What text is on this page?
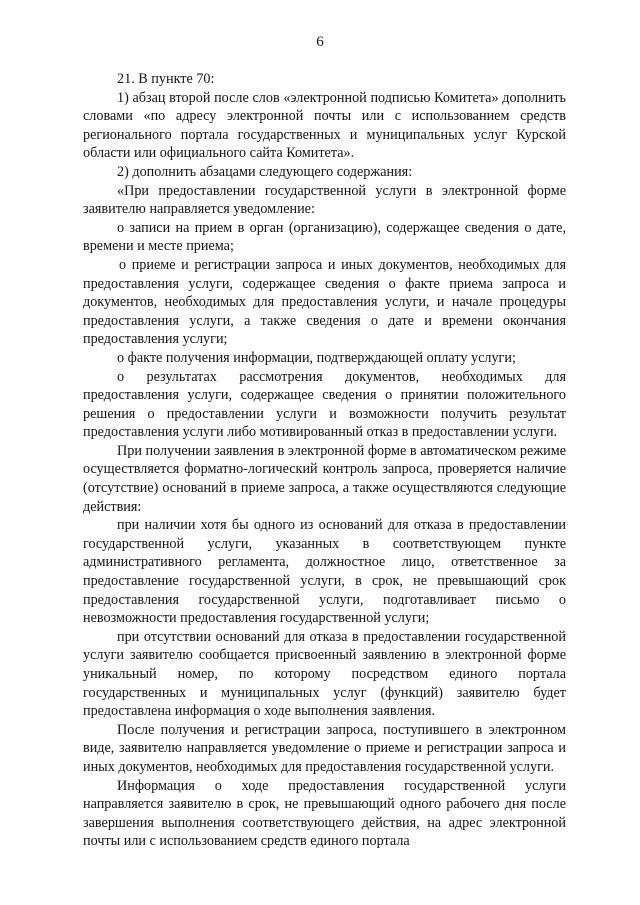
6

21. В пункте 70:

1) абзац второй после слов «электронной подписью Комитета» дополнить словами «по адресу электронной почты или с использованием средств регионального портала государственных и муниципальных услуг Курской области или официального сайта Комитета».

2) дополнить абзацами следующего содержания:

«При предоставлении государственной услуги в электронной форме заявителю направляется уведомление:

о записи на прием в орган (организацию), содержащее сведения о дате, времени и месте приема;

о приеме и регистрации запроса и иных документов, необходимых для предоставления услуги, содержащее сведения о факте приема запроса и документов, необходимых для предоставления услуги, и начале процедуры предоставления услуги, а также сведения о дате и времени окончания предоставления услуги;

о факте получения информации, подтверждающей оплату услуги;

о результатах рассмотрения документов, необходимых для предоставления услуги, содержащее сведения о принятии положительного решения о предоставлении услуги и возможности получить результат предоставления услуги либо мотивированный отказ в предоставлении услуги.

При получении заявления в электронной форме в автоматическом режиме осуществляется форматно-логический контроль запроса, проверяется наличие (отсутствие) оснований в приеме запроса, а также осуществляются следующие действия:

при наличии хотя бы одного из оснований для отказа в предоставлении государственной услуги, указанных в соответствующем пункте административного регламента, должностное лицо, ответственное за предоставление государственной услуги, в срок, не превышающий срок предоставления государственной услуги, подготавливает письмо о невозможности предоставления государственной услуги;

при отсутствии оснований для отказа в предоставлении государственной услуги заявителю сообщается присвоенный заявлению в электронной форме уникальный номер, по которому посредством единого портала государственных и муниципальных услуг (функций) заявителю будет предоставлена информация о ходе выполнения заявления.

После получения и регистрации запроса, поступившего в электронном виде, заявителю направляется уведомление о приеме и регистрации запроса и иных документов, необходимых для предоставления государственной услуги.

Информация о ходе предоставления государственной услуги направляется заявителю в срок, не превышающий одного рабочего дня после завершения выполнения соответствующего действия, на адрес электронной почты или с использованием средств единого портала
